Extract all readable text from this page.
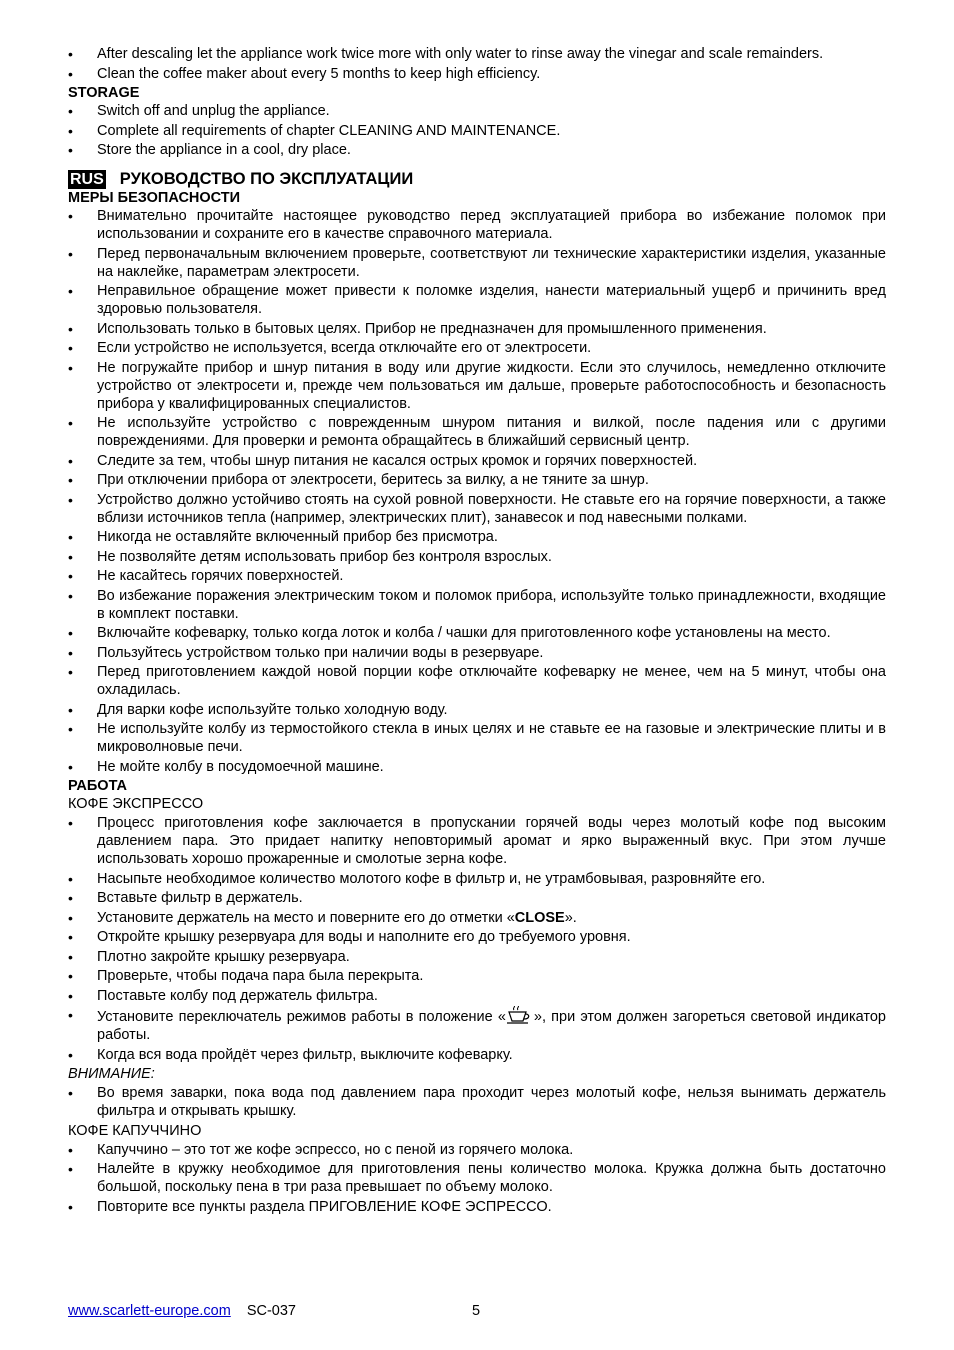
• After descaling let the appliance work twice more with only water to rinse away the vinegar and scale remainders.
• Clean the coffee maker about every 5 months to keep high efficiency.
STORAGE
• Switch off and unplug the appliance.
• Complete all requirements of chapter CLEANING AND MAINTENANCE.
• Store the appliance in a cool, dry place.
RUS РУКОВОДСТВО ПО ЭКСПЛУАТАЦИИ
МЕРЫ БЕЗОПАСНОСТИ
• Внимательно прочитайте настоящее руководство перед эксплуатацией прибора во избежание поломок при использовании и сохраните его в качестве справочного материала.
• Перед первоначальным включением проверьте, соответствуют ли технические характеристики изделия, указанные на наклейке, параметрам электросети.
• Неправильное обращение может привести к поломке изделия, нанести материальный ущерб и причинить вред здоровью пользователя.
• Использовать только в бытовых целях. Прибор не предназначен для промышленного применения.
• Если устройство не используется, всегда отключайте его от электросети.
• Не погружайте прибор и шнур питания в воду или другие жидкости. Если это случилось, немедленно отключите устройство от электросети и, прежде чем пользоваться им дальше, проверьте работоспособность и безопасность прибора у квалифицированных специалистов.
• Не используйте устройство с поврежденным шнуром питания и вилкой, после падения или с другими повреждениями. Для проверки и ремонта обращайтесь в ближайший сервисный центр.
• Следите за тем, чтобы шнур питания не касался острых кромок и горячих поверхностей.
• При отключении прибора от электросети, беритесь за вилку, а не тяните за шнур.
• Устройство должно устойчиво стоять на сухой ровной поверхности. Не ставьте его на горячие поверхности, а также вблизи источников тепла (например, электрических плит), занавесок и под навесными полками.
• Никогда не оставляйте включенный прибор без присмотра.
• Не позволяйте детям использовать прибор без контроля взрослых.
• Не касайтесь горячих поверхностей.
• Во избежание поражения электрическим током и поломок прибора, используйте только принадлежности, входящие в комплект поставки.
• Включайте кофеварку, только когда лоток и колба / чашки для приготовленного кофе установлены на место.
• Пользуйтесь устройством только при наличии воды в резервуаре.
• Перед приготовлением каждой новой порции кофе отключайте кофеварку не менее, чем на 5 минут, чтобы она охладилась.
• Для варки кофе используйте только холодную воду.
• Не используйте колбу из термостойкого стекла в иных целях и не ставьте ее на газовые и электрические плиты и в микроволновые печи.
• Не мойте колбу в посудомоечной машине.
РАБОТА
КОФЕ ЭКСПРЕССО
• Процесс приготовления кофе заключается в пропускании горячей воды через молотый кофе под высоким давлением пара. Это придает напитку неповторимый аромат и ярко выраженный вкус. При этом лучше использовать хорошо прожаренные и смолотые зерна кофе.
• Насыпьте необходимое количество молотого кофе в фильтр и, не утрамбовывая, разровняйте его.
• Вставьте фильтр в держатель.
• Установите держатель на место и поверните его до отметки «CLOSE».
• Откройте крышку резервуара для воды и наполните его до требуемого уровня.
• Плотно закройте крышку резервуара.
• Проверьте, чтобы подача пара была перекрыта.
• Поставьте колбу под держатель фильтра.
• Установите переключатель режимов работы в положение « », при этом должен загореться световой индикатор работы.
• Когда вся вода пройдёт через фильтр, выключите кофеварку.
ВНИМАНИЕ:
• Во время заварки, пока вода под давлением пара проходит через молотый кофе, нельзя вынимать держатель фильтра и открывать крышку.
КОФЕ КАПУЧЧИНО
• Капуччино – это тот же кофе эспрессо, но с пеной из горячего молока.
• Налейте в кружку необходимое для приготовления пены количество молока. Кружка должна быть достаточно большой, поскольку пена в три раза превышает по объему молоко.
• Повторите все пункты раздела ПРИГОВЛЕНИЕ КОФЕ ЭСПРЕССО.
www.scarlett-europe.com SC-037	5
